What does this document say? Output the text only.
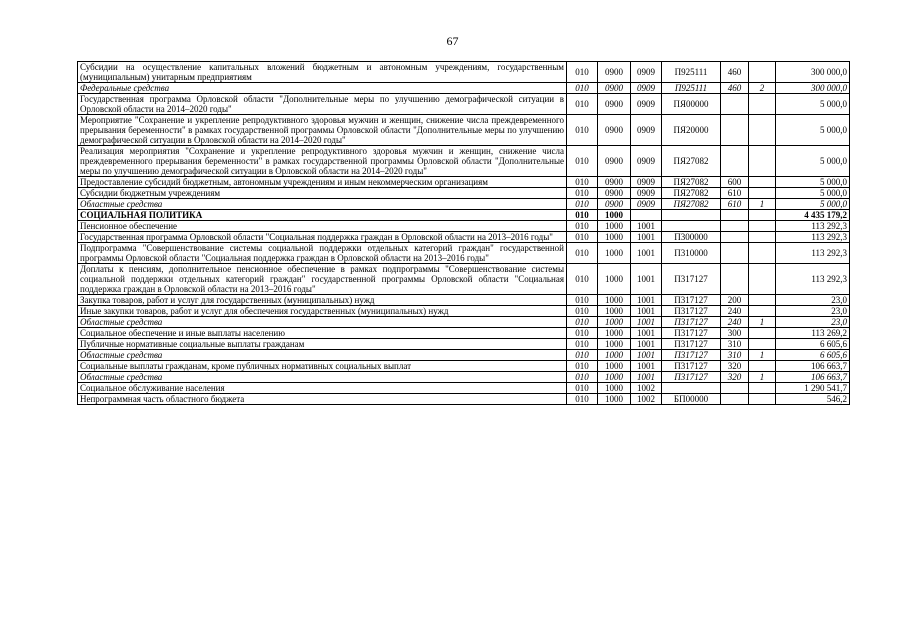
67
Субсидии на осуществление капитальных вложений бюджетным и автономным учреждениям, государственным (муниципальным) унитарным предприятиям	010	0900	0909	П925111	460		300 000,0
Федеральные средства	010	0900	0909	П925111	460	2	300 000,0
Государственная программа Орловской области "Дополнительные меры по улучшению демографической ситуации в Орловской области на 2014–2020 годы"	010	0900	0909	ПЯ00000			5 000,0
Мероприятие "Сохранение и укрепление репродуктивного здоровья мужчин и женщин, снижение числа преждевременного прерывания беременности" в рамках государственной программы Орловской области "Дополнительные меры по улучшению демографической ситуации в Орловской области на 2014–2020 годы"	010	0900	0909	ПЯ20000			5 000,0
Реализация мероприятия "Сохранение и укрепление репродуктивного здоровья мужчин и женщин, снижение числа преждевременного прерывания беременности" в рамках государственной программы Орловской области "Дополнительные меры по улучшению демографической ситуации в Орловской области на 2014–2020 годы"	010	0900	0909	ПЯ27082			5 000,0
Предоставление субсидий бюджетным, автономным учреждениям и иным некоммерческим организациям	010	0900	0909	ПЯ27082	600		5 000,0
Субсидии бюджетным учреждениям	010	0900	0909	ПЯ27082	610		5 000,0
Областные средства	010	0900	0909	ПЯ27082	610	1	5 000,0
СОЦИАЛЬНАЯ ПОЛИТИКА	010	1000					4 435 179,2
Пенсионное обеспечение	010	1000	1001				113 292,3
Государственная программа Орловской области "Социальная поддержка граждан в Орловской области на 2013–2016 годы"	010	1000	1001	П300000			113 292,3
Подпрограмма "Совершенствование системы социальной поддержки отдельных категорий граждан" государственной программы Орловской области "Социальная поддержка граждан в Орловской области на 2013–2016 годы"	010	1000	1001	П310000			113 292,3
Доплаты к пенсиям, дополнительное пенсионное обеспечение в рамках подпрограммы "Совершенствование системы социальной поддержки отдельных категорий граждан" государственной программы Орловской области "Социальная поддержка граждан в Орловской области на 2013–2016 годы"	010	1000	1001	П317127			113 292,3
Закупка товаров, работ и услуг для государственных (муниципальных) нужд	010	1000	1001	П317127	200		23,0
Иные закупки товаров, работ и услуг для обеспечения государственных (муниципальных) нужд	010	1000	1001	П317127	240		23,0
Областные средства	010	1000	1001	П317127	240	1	23,0
Социальное обеспечение и иные выплаты населению	010	1000	1001	П317127	300		113 269,2
Публичные нормативные социальные выплаты гражданам	010	1000	1001	П317127	310		6 605,6
Областные средства	010	1000	1001	П317127	310	1	6 605,6
Социальные выплаты гражданам, кроме публичных нормативных социальных выплат	010	1000	1001	П317127	320		106 663,7
Областные средства	010	1000	1001	П317127	320	1	106 663,7
Социальное обслуживание населения	010	1000	1002				1 290 541,7
Непрограммная часть областного бюджета	010	1000	1002	БП00000			546,2
